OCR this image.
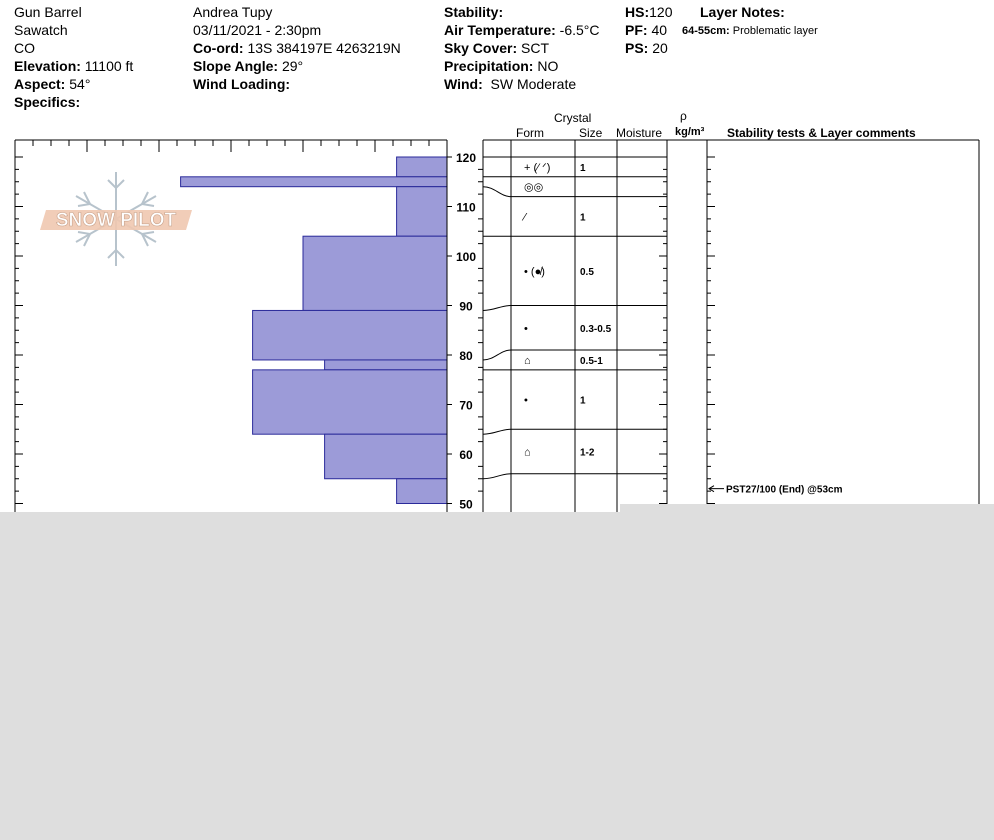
Gun Barrel
Sawatch
CO
Elevation: 11100 ft
Aspect: 54°
Specifics:
Andrea Tupy
03/11/2021 - 2:30pm
Co-ord: 13S 384197E 4263219N
Slope Angle: 29°
Wind Loading:
Stability:
Air Temperature: -6.5°C
Sky Cover: SCT
Precipitation: NO
Wind: SW Moderate
HS:120
PF: 40
PS: 20
Layer Notes:
64-55cm: Problematic layer
Crystal
Form	Size Moisture
ρ
kg/m³ Stability tests & Layer comments
SNOW PILOT
50
60
70
80
90
100
110
120
+ (⁄ ᐟ)	1
◎◎
⁄	1
• (●̸)	0.5
•	0.3-0.5
⌂	0.5-1
•	1
⌂	1-2
PST27/100 (End) @53cm
